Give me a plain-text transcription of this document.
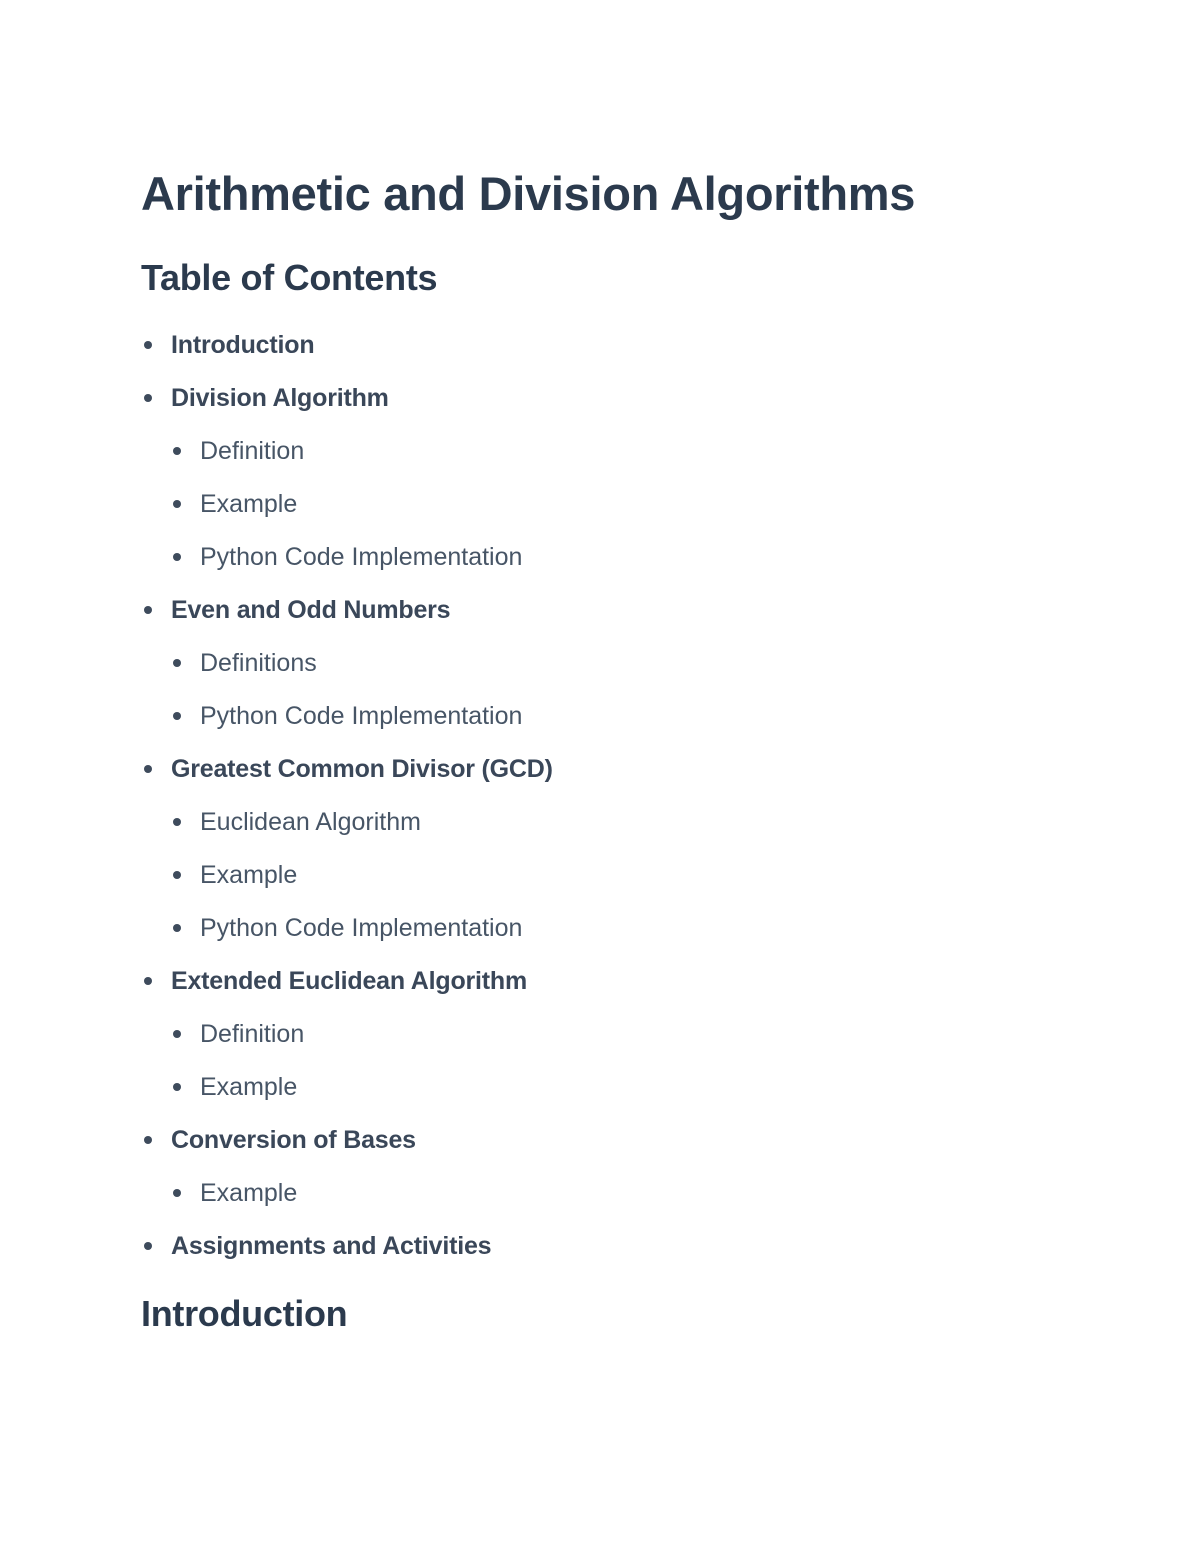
Arithmetic and Division Algorithms
Table of Contents
Introduction
Division Algorithm
Definition
Example
Python Code Implementation
Even and Odd Numbers
Definitions
Python Code Implementation
Greatest Common Divisor (GCD)
Euclidean Algorithm
Example
Python Code Implementation
Extended Euclidean Algorithm
Definition
Example
Conversion of Bases
Example
Assignments and Activities
Introduction
